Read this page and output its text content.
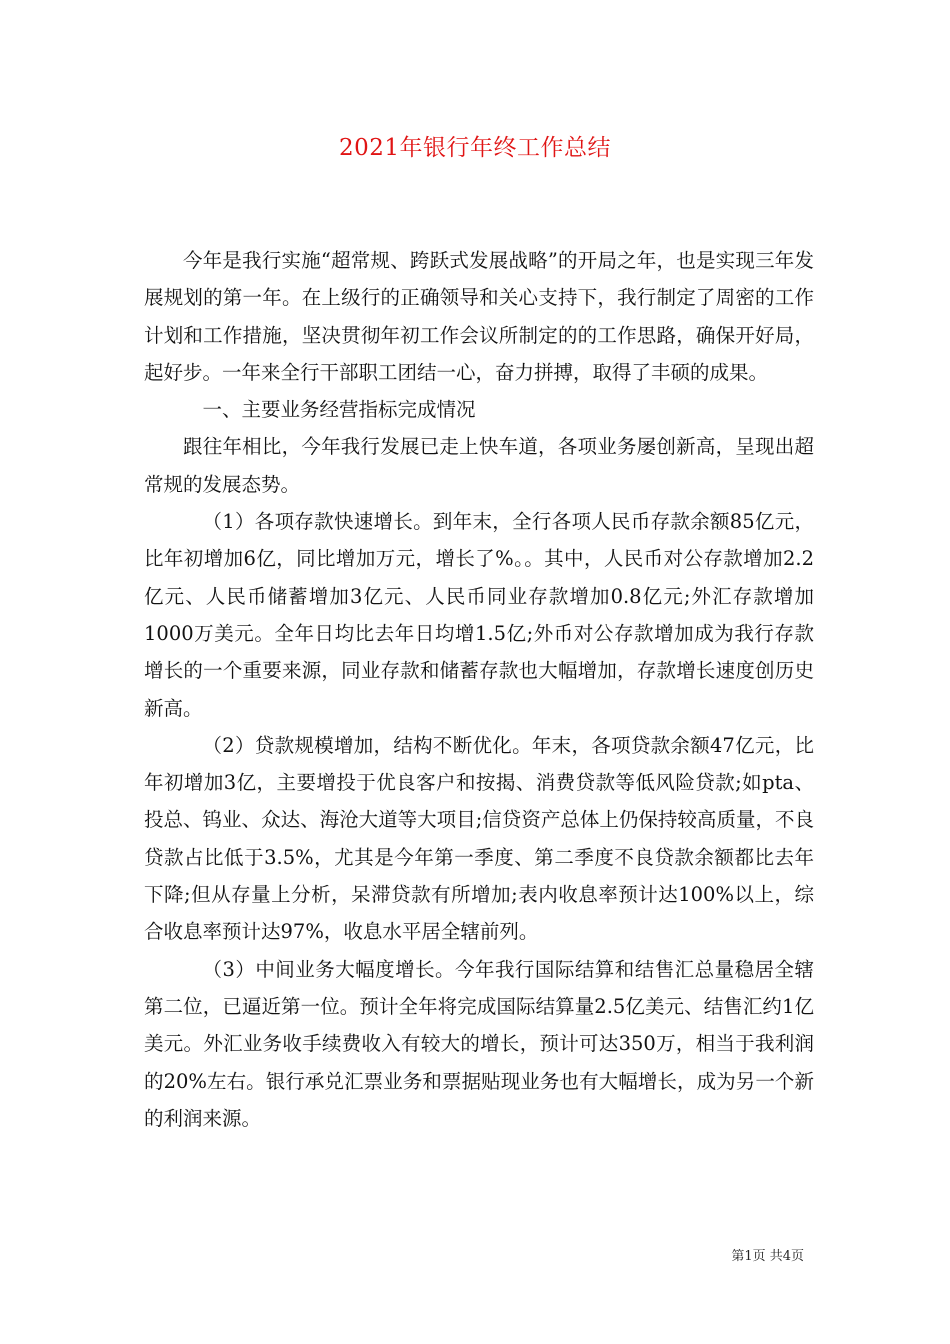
2021年银行年终工作总结

今年是我行实施“超常规、跨跃式发展战略”的开局之年，也是实现三年发展规划的第一年。在上级行的正确领导和关心支持下，我行制定了周密的工作计划和工作措施，坚决贯彻年初工作会议所制定的的工作思路，确保开好局，起好步。一年来全行干部职工团结一心，奋力拼搏，取得了丰硕的成果。

一、主要业务经营指标完成情况

跟往年相比，今年我行发展已走上快车道，各项业务屡创新高，呈现出超常规的发展态势。

（1）各项存款快速增长。到年末，全行各项人民币存款余额85亿元，比年初增加6亿，同比增加万元，增长了%。。其中，人民币对公存款增加2.2亿元、人民币储蓄增加3亿元、人民币同业存款增加0.8亿元;外汇存款增加1000万美元。全年日均比去年日均增1.5亿;外币对公存款增加成为我行存款增长的一个重要来源，同业存款和储蓄存款也大幅增加，存款增长速度创历史新高。

（2）贷款规模增加，结构不断优化。年末，各项贷款余额47亿元，比年初增加3亿，主要增投于优良客户和按揭、消费贷款等低风险贷款;如pta、投总、钨业、众达、海沧大道等大项目;信贷资产总体上仍保持较高质量，不良贷款占比低于3.5%，尤其是今年第一季度、第二季度不良贷款余额都比去年下降;但从存量上分析，呆滞贷款有所增加;表内收息率预计达100%以上，综合收息率预计达97%，收息水平居全辖前列。

（3）中间业务大幅度增长。今年我行国际结算和结售汇总量稳居全辖第二位，已逼近第一位。预计全年将完成国际结算量2.5亿美元、结售汇约1亿美元。外汇业务收手续费收入有较大的增长，预计可达350万，相当于我利润的20%左右。银行承兑汇票业务和票据贴现业务也有大幅增长，成为另一个新的利润来源。

第1页 共4页
